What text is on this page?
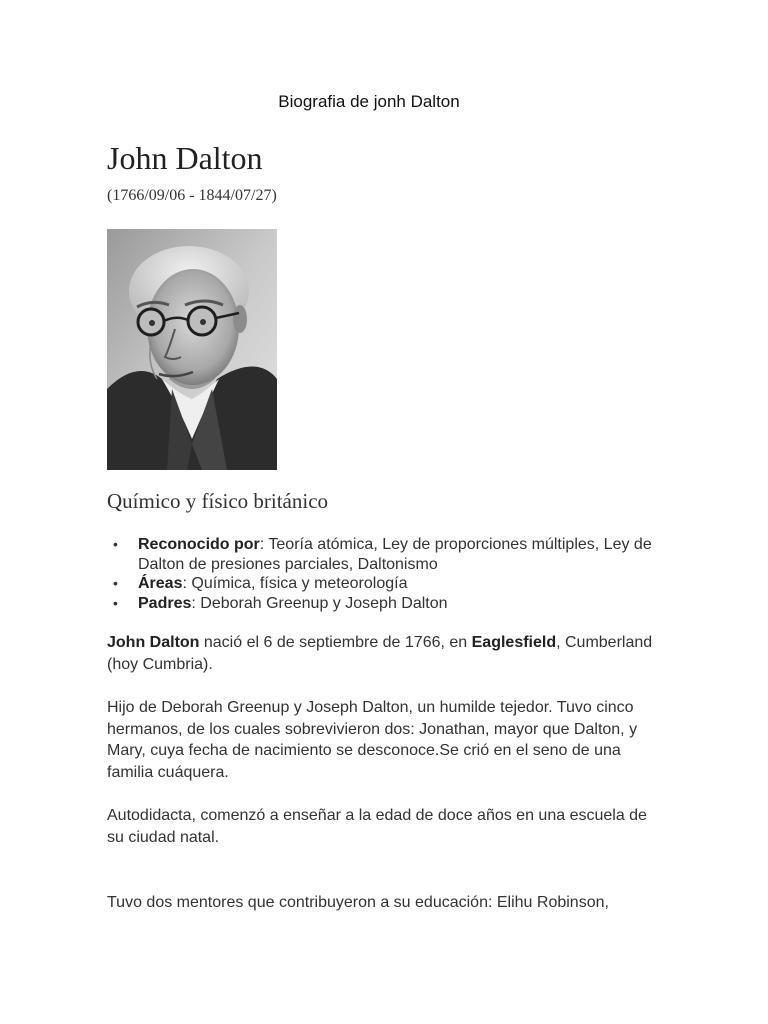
Biografia de jonh Dalton
John Dalton
(1766/09/06 - 1844/07/27)
Químico y físico británico
• Reconocido por: Teoría atómica, Ley de proporciones múltiples, Ley de Dalton de presiones parciales, Daltonismo
• Áreas: Química, física y meteorología
• Padres: Deborah Greenup y Joseph Dalton

John Dalton nació el 6 de septiembre de 1766, en Eaglesfield, Cumberland (hoy Cumbria).

Hijo de Deborah Greenup y Joseph Dalton, un humilde tejedor. Tuvo cinco hermanos, de los cuales sobrevivieron dos: Jonathan, mayor que Dalton, y Mary, cuya fecha de nacimiento se desconoce.Se crió en el seno de una familia cuáquera.

Autodidacta, comenzó a enseñar a la edad de doce años en una escuela de su ciudad natal.

Tuvo dos mentores que contribuyeron a su educación: Elihu Robinson,
